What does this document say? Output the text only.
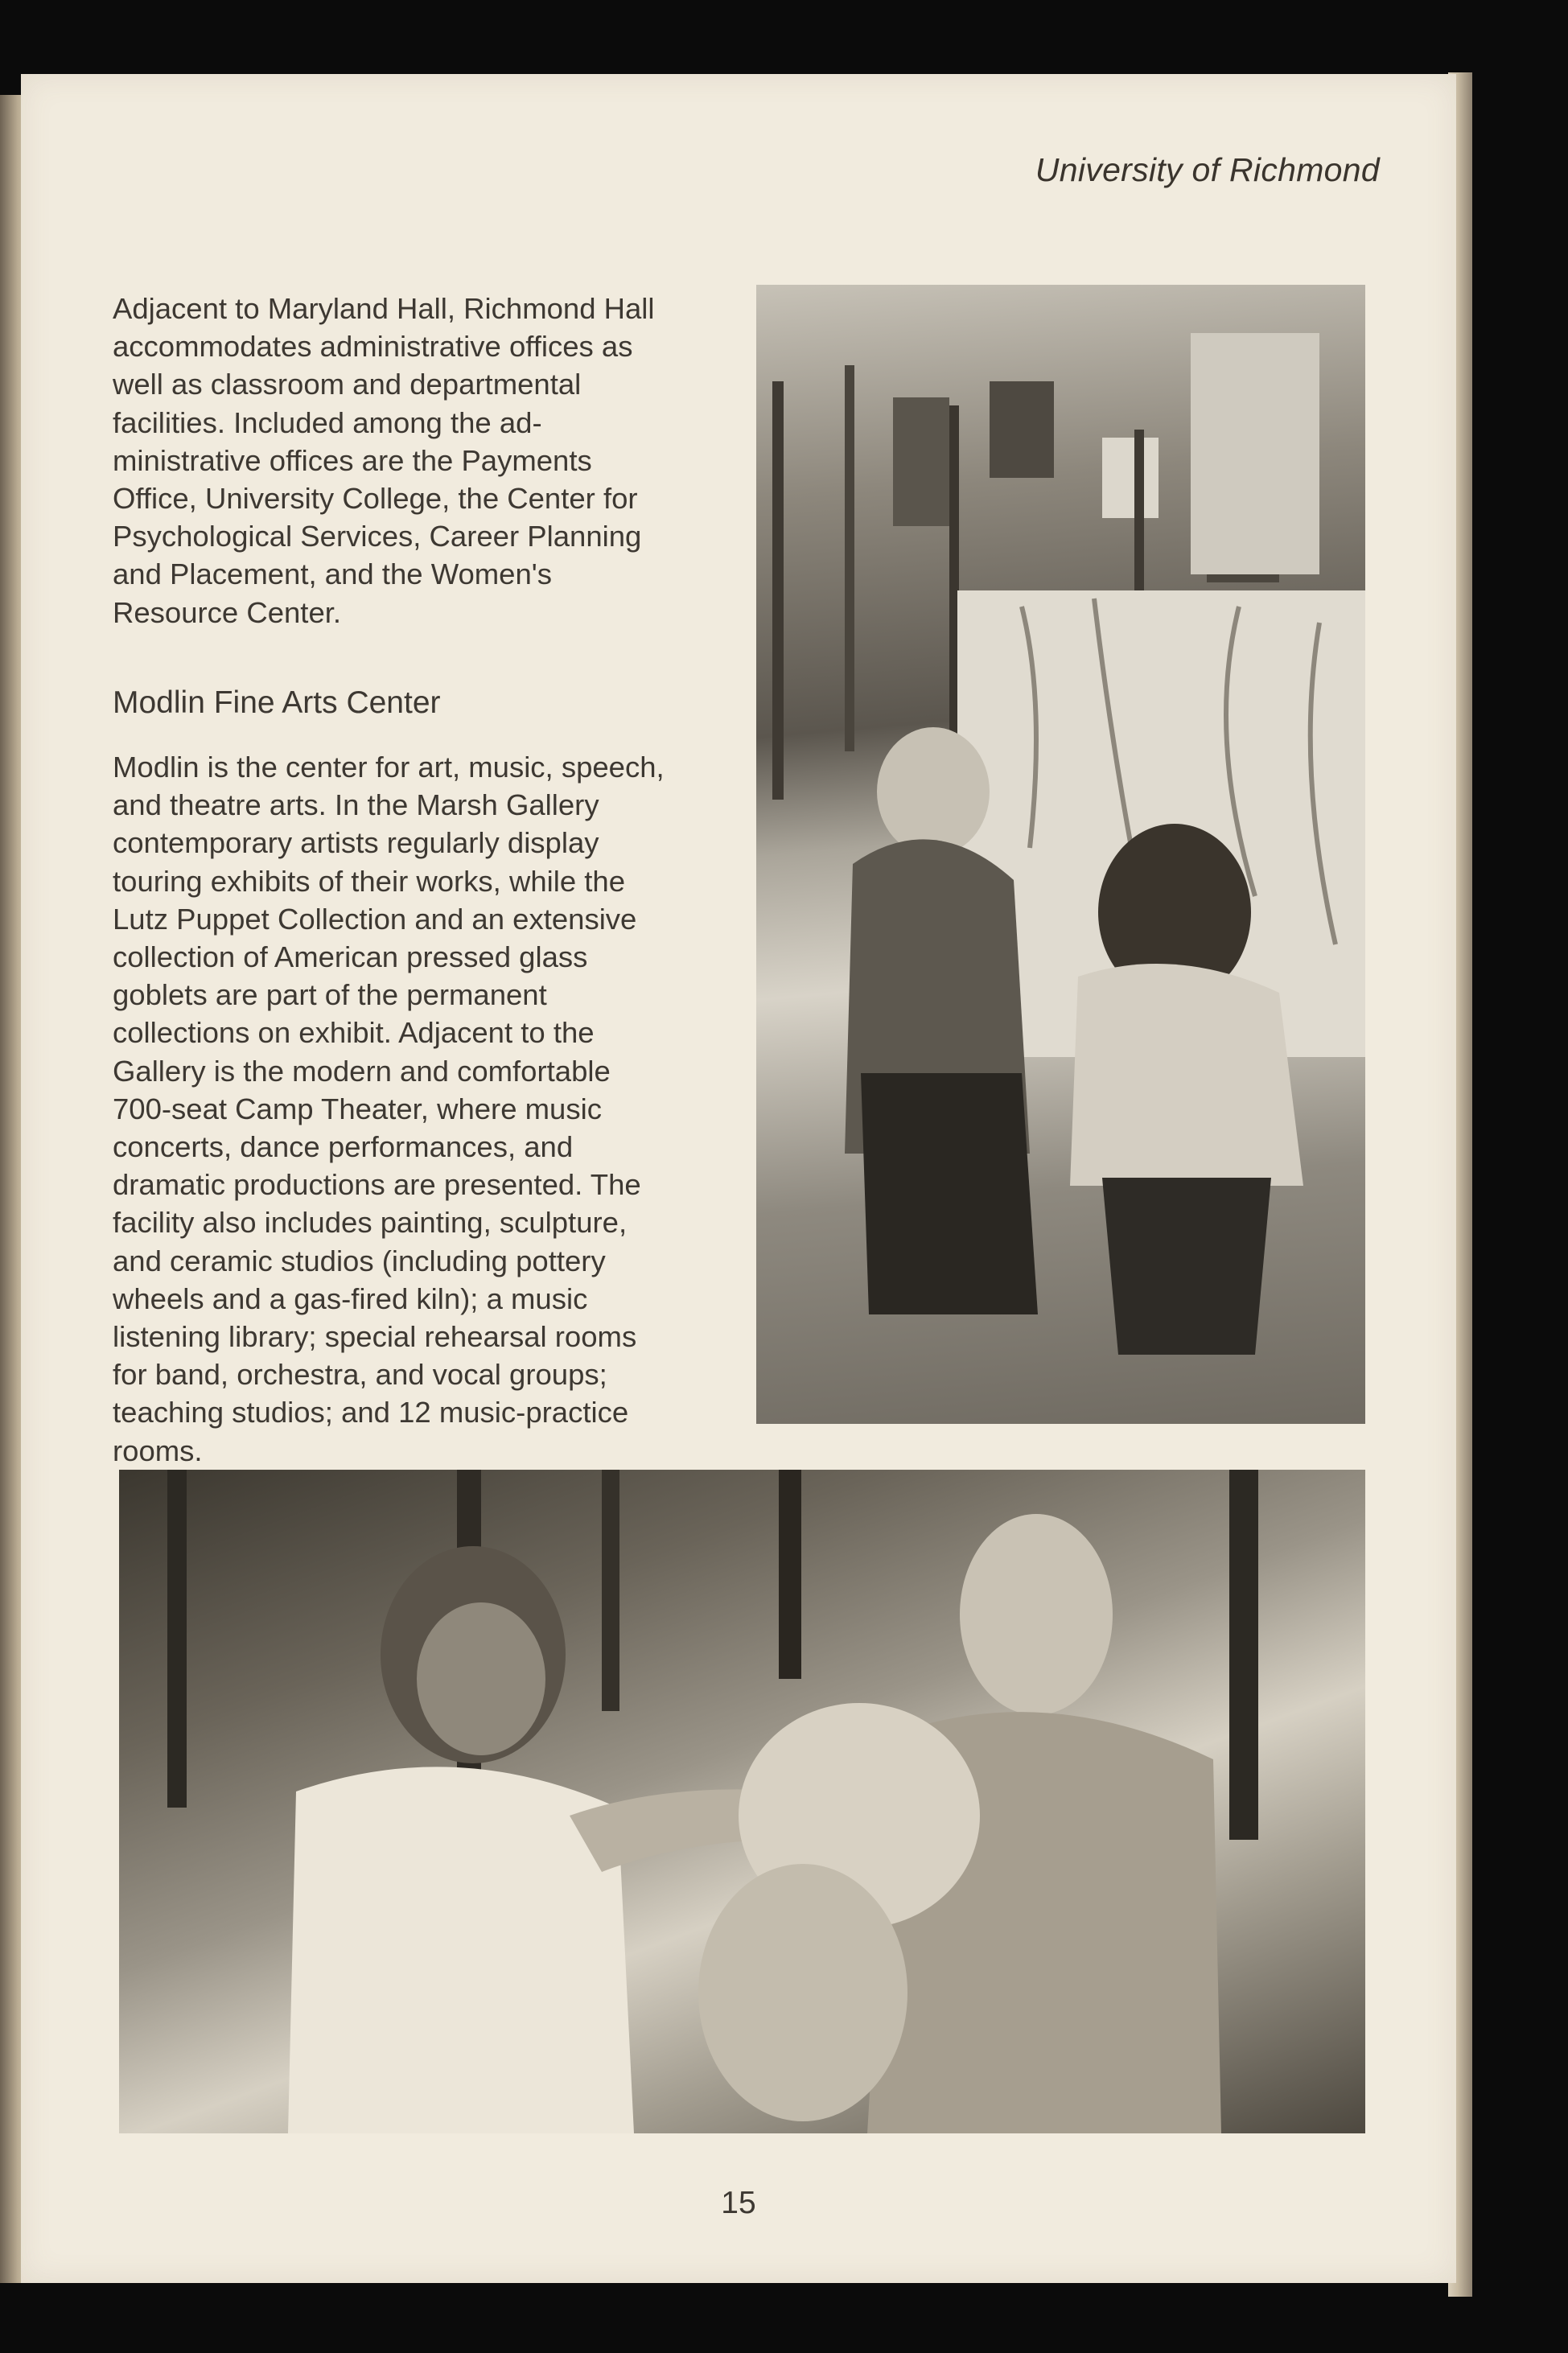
University of Richmond

Adjacent to Maryland Hall, Richmond Hall

accommodates administrative offices as

well as classroom and departmental

facilities. Included among the ad-

ministrative offices are the Payments

Office, University College, the Center for

Psychological Services, Career Planning

and Placement, and the Women's

Resource Center.

Modlin Fine Arts Center

Modlin is the center for art, music, speech,

and theatre arts. In the Marsh Gallery

contemporary artists regularly display

touring exhibits of their works, while the

Lutz Puppet Collection and an extensive

collection of American pressed glass

goblets are part of the permanent

collections on exhibit. Adjacent to the

Gallery is the modern and comfortable

700-seat Camp Theater, where music

concerts, dance performances, and

dramatic productions are presented. The

facility also includes painting, sculpture,

and ceramic studios (including pottery

wheels and a gas-fired kiln); a music

listening library; special rehearsal rooms

for band, orchestra, and vocal groups;

teaching studios; and 12 music-practice

rooms.

15
